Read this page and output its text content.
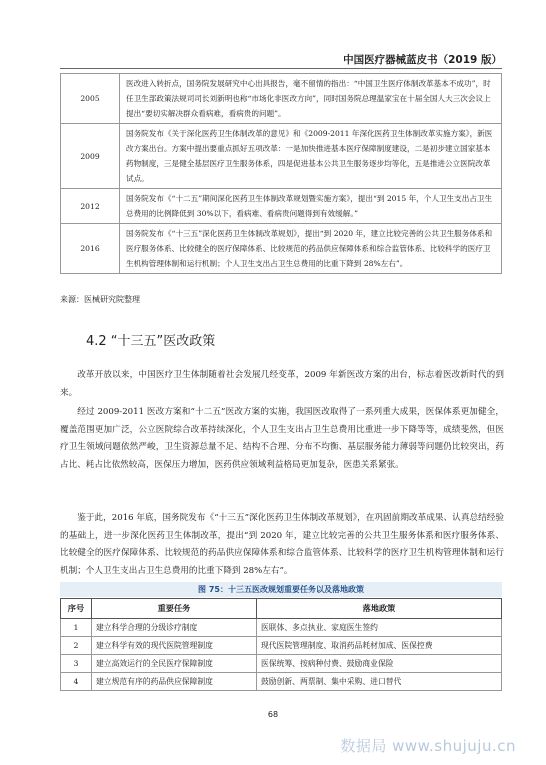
中国医疗器械蓝皮书（2019 版）
2005	医改进入转折点，国务院发展研究中心出具报告，毫不留情的指出：“中国卫生医疗体制改革基本不成功”，时任卫生部政策法规司司长刘新明也称“市场化非医改方向”，同时国务院总理温家宝在十届全国人大三次会议上提出“要切实解决群众看病难，看病贵的问题”。
2009	国务院发布《关于深化医药卫生体制改革的意见》和《2009-2011 年深化医药卫生体制改革实施方案》，新医改方案出台。方案中提出要重点抓好五项改革：一是加快推进基本医疗保障制度建设，二是初步建立国家基本药物制度，三是健全基层医疗卫生服务体系，四是促进基本公共卫生服务逐步均等化，五是推进公立医院改革试点。
2012	国务院发布《“十二五”期间深化医药卫生体制改革规划暨实施方案》，提出“到 2015 年，个人卫生支出占卫生总费用的比例降低到 30%以下，看病难、看病贵问题得到有效缓解。”
2016	国务院发布《“十三五”深化医药卫生体制改革规划》，提出“到 2020 年，建立比较完善的公共卫生服务体系和医疗服务体系、比较健全的医疗保障体系、比较规范的药品供应保障体系和综合监管体系、比较科学的医疗卫生机构管理体制和运行机制；个人卫生支出占卫生总费用的比重下降到 28%左右”。
来源：医械研究院整理
4.2 “十三五”医改政策

改革开放以来，中国医疗卫生体制随着社会发展几经变革，2009 年新医改方案的出台，标志着医改新时代的到来。

经过 2009-2011 医改方案和“十二五”医改方案的实施，我国医改取得了一系列重大成果，医保体系更加健全，覆盖范围更加广泛，公立医院综合改革持续深化，个人卫生支出占卫生总费用比重进一步下降等等，成绩斐然，但医疗卫生领域问题依然严峻，卫生资源总量不足、结构不合理、分布不均衡、基层服务能力薄弱等问题仍比较突出，药占比、耗占比依然较高，医保压力增加，医药供应领域利益格局更加复杂，医患关系紧张。

鉴于此，2016 年底，国务院发布《“十三五”深化医药卫生体制改革规划》，在巩固前期改革成果、认真总结经验的基础上，进一步深化医药卫生体制改革，提出“到 2020 年，建立比较完善的公共卫生服务体系和医疗服务体系、比较健全的医疗保障体系、比较规范的药品供应保障体系和综合监管体系、比较科学的医疗卫生机构管理体制和运行机制；个人卫生支出占卫生总费用的比重下降到 28%左右”。

图 75：十三五医改规划重要任务以及落地政策
序号	重要任务	落地政策
1	建立科学合理的分级诊疗制度	医联体、多点执业、家庭医生签约
2	建立科学有效的现代医院管理制度	现代医院管理制度、取消药品耗材加成、医保控费
3	建立高效运行的全民医疗保障制度	医保统筹、按病种付费、鼓励商业保险
4	建立规范有序的药品供应保障制度	鼓励创新、两票制、集中采购、进口替代
68
数据局 www.shujuju.cn
